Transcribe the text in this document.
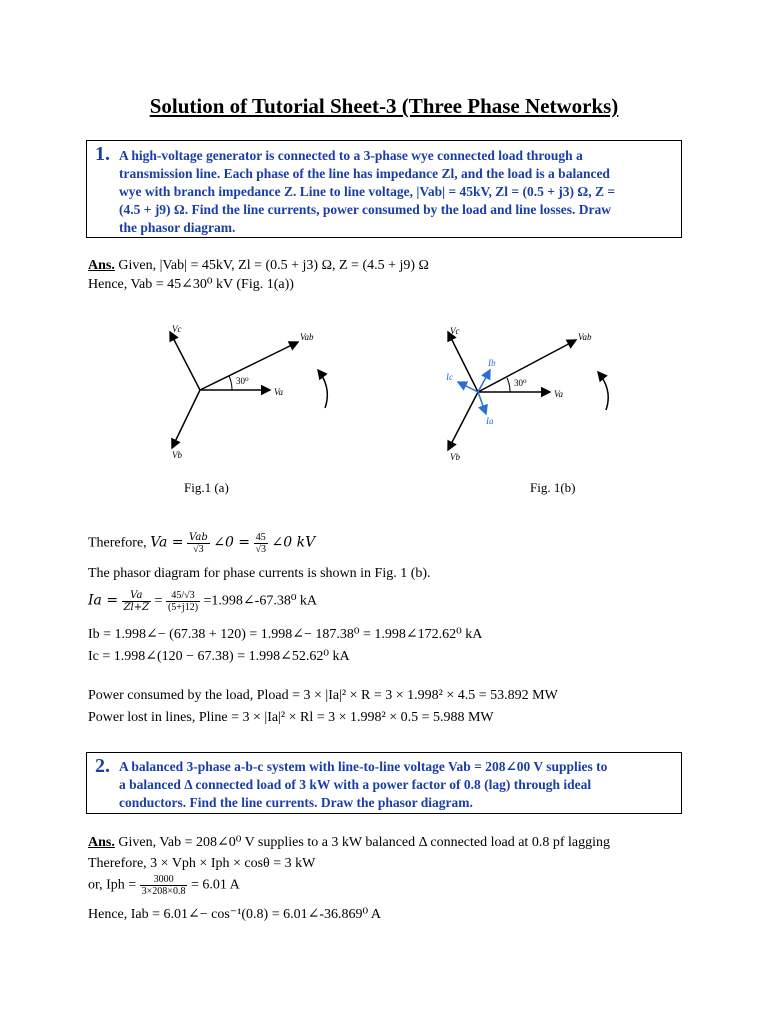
Solution of Tutorial Sheet-3 (Three Phase Networks)
1. A high-voltage generator is connected to a 3-phase wye connected load through a
transmission line. Each phase of the line has impedance Zl, and the load is a balanced
wye with branch impedance Z. Line to line voltage, |Vab| = 45kV, Zl = (0.5 + j3) Ω, Z =
(4.5 + j9) Ω. Find the line currents, power consumed by the load and line losses. Draw
the phasor diagram.
Ans. Given, |Vab| = 45kV, Zl = (0.5 + j3) Ω, Z = (4.5 + j9) Ω
Hence, Vab = 45∠30⁰ kV (Fig. 1(a))
Vc
Vab
Va
Vb
30⁰
Vc
Vab
Va
Vb
30⁰
Ib
Ic
Ia
Fig.1 (a)	Fig. 1(b)
Therefore, $Va = \frac{\text{Vab}}{√3}$ ∠0 = $\frac{45}{√3}$ ∠0 kV
The phasor diagram for phase currents is shown in Fig. 1 (b).
$Ia = \frac{Va}{Zl+Z} = \frac{45/√3}{(5+j12)}$ =1.998∠-67.38⁰ kA
Ib = 1.998∠− (67.38 + 120) = 1.998∠− 187.38⁰ = 1.998∠172.62⁰ kA
Ic = 1.998∠(120 − 67.38) = 1.998∠52.62⁰ kA
Power consumed by the load, Pload = 3 × |Ia|² × R = 3 × 1.998² × 4.5 = 53.892 MW
Power lost in lines, Pline = 3 × |Ia|² × Rl = 3 × 1.998² × 0.5 = 5.988 MW
2. A balanced 3-phase a-b-c system with line-to-line voltage Vab = 208∠00 V supplies to
a balanced Δ connected load of 3 kW with a power factor of 0.8 (lag) through ideal
conductors. Find the line currents. Draw the phasor diagram.
Ans. Given, Vab = 208∠0⁰ V supplies to a 3 kW balanced Δ connected load at 0.8 pf lagging
Therefore, 3 × Vph × Iph × cosθ = 3 kW
or, Iph = $\frac{3000}{3\times 208\times 0.8} = 6.01$ A
Hence, Iab = 6.01∠− cos⁻¹(0.8) = 6.01∠-36.869⁰ A
